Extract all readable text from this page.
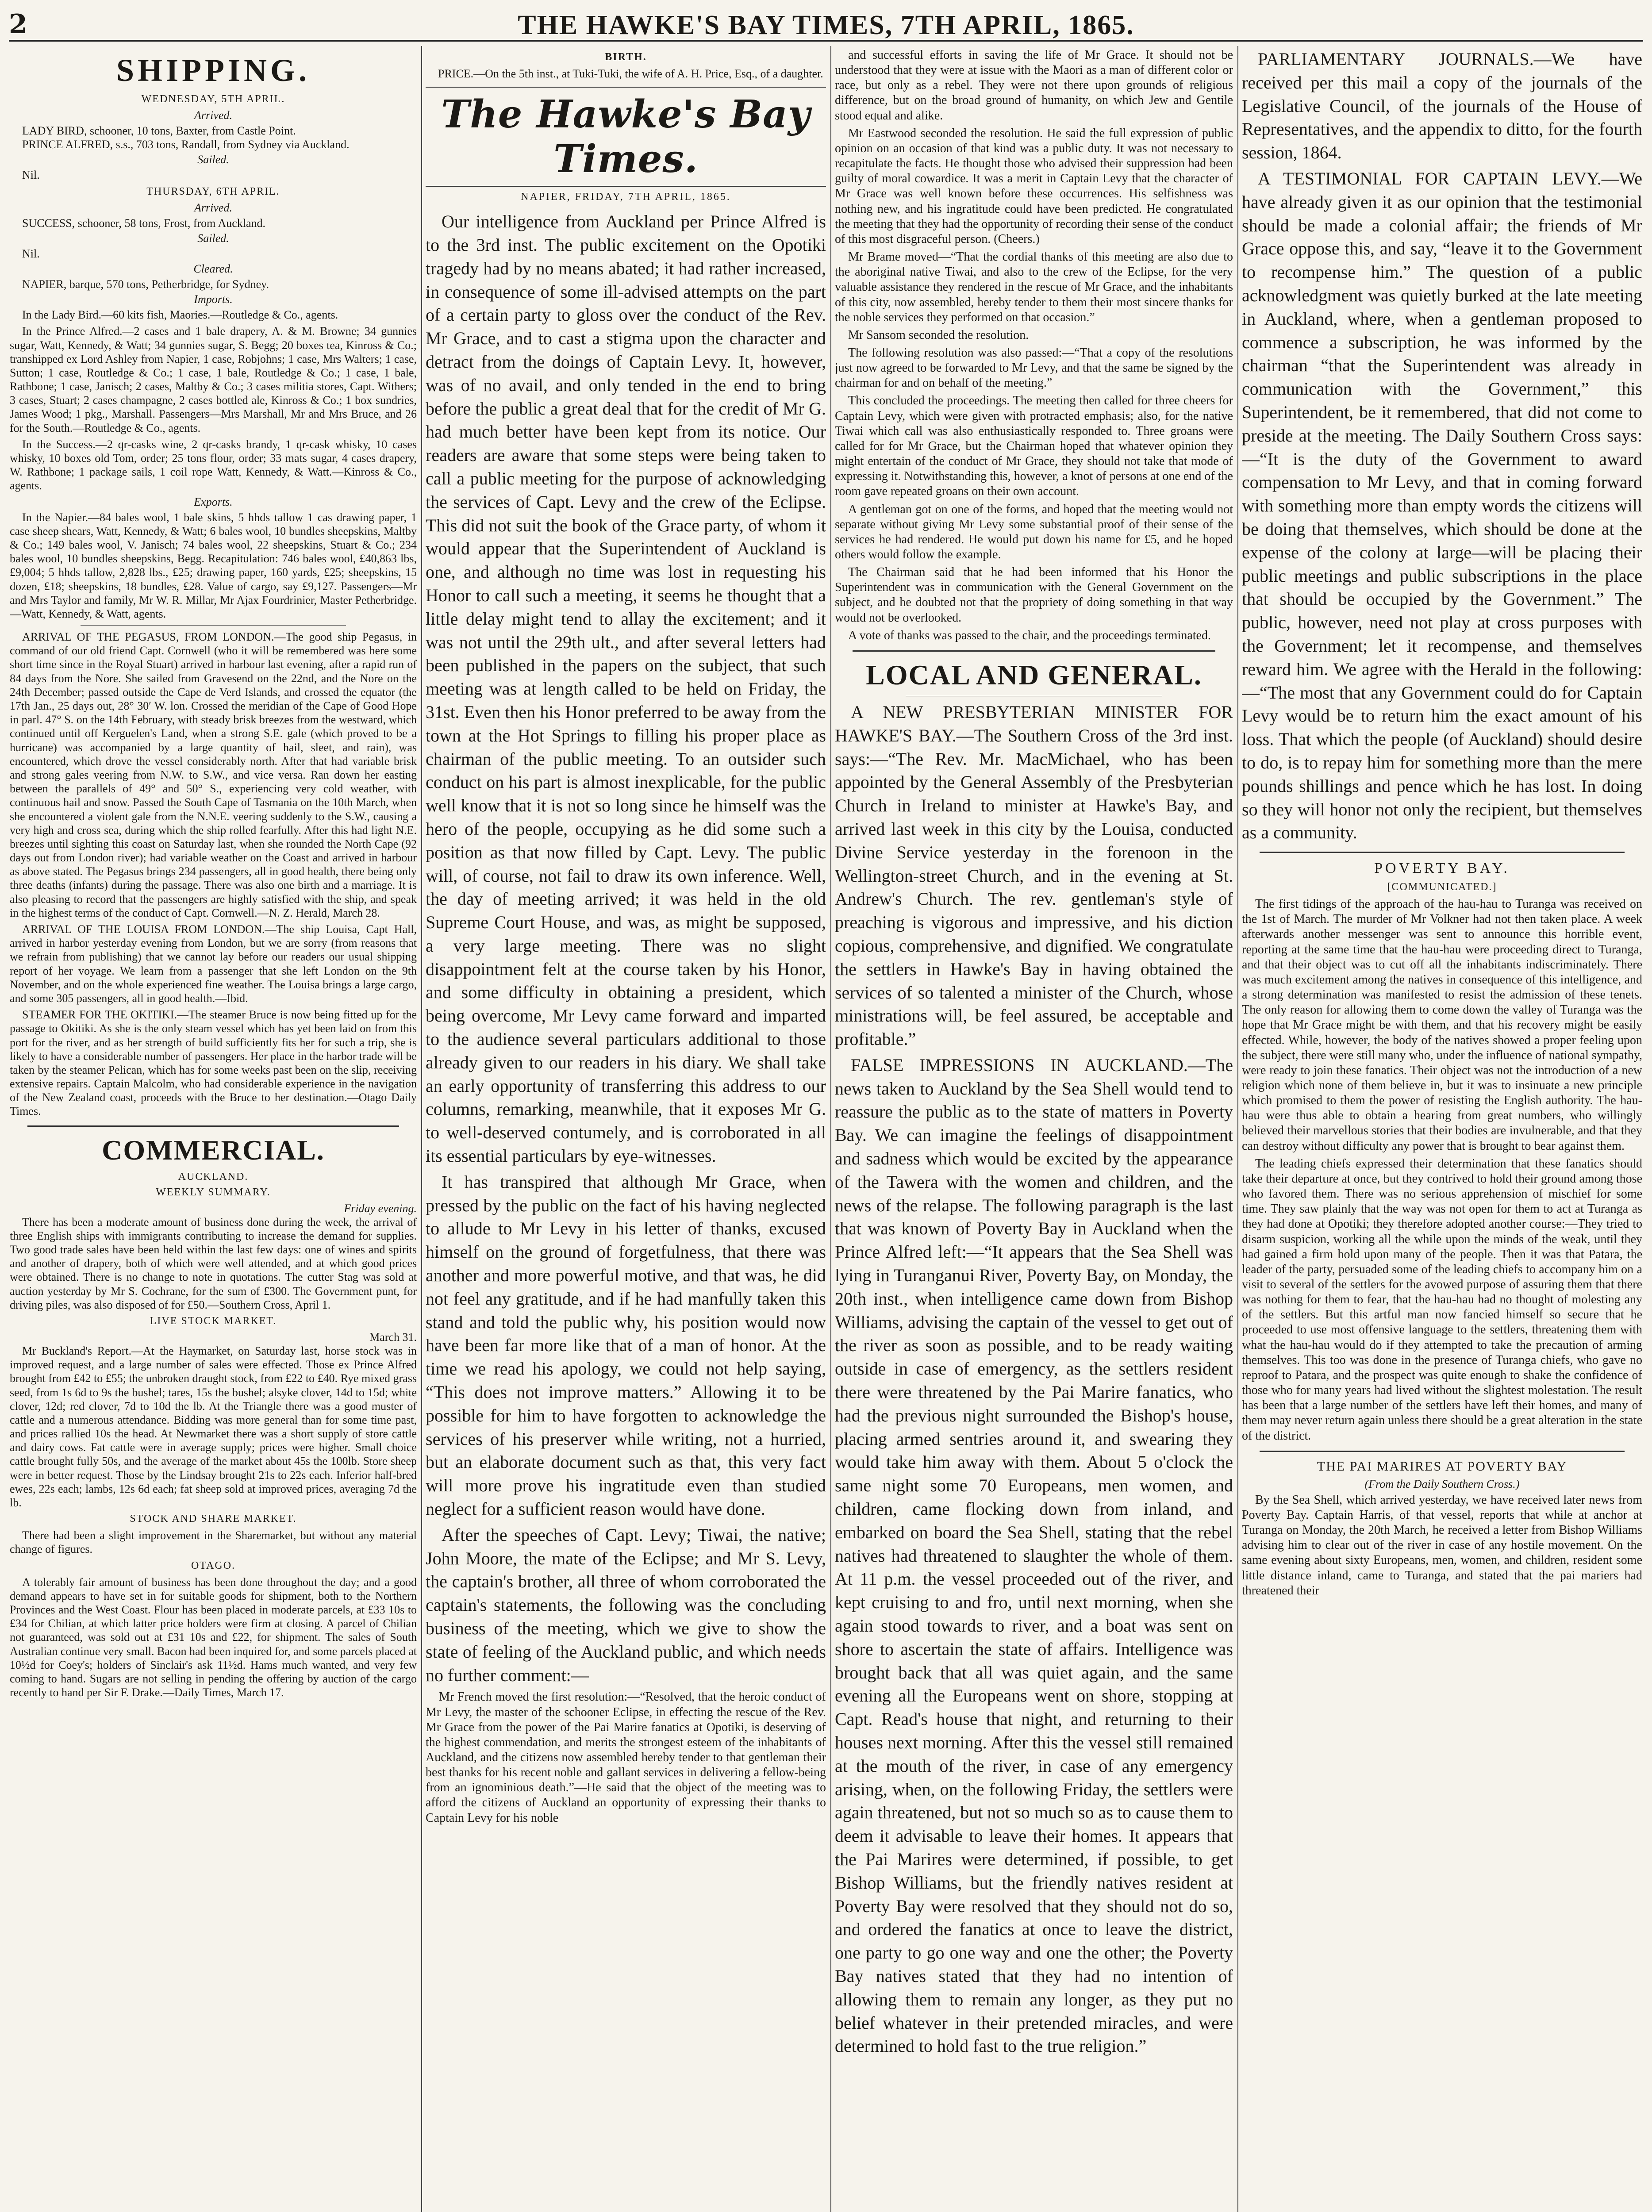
2	THE HAWKE'S BAY TIMES, 7TH APRIL, 1865.
SHIPPING.
WEDNESDAY, 5TH APRIL.
Arrived.

LADY BIRD, schooner, 10 tons, Baxter, from Castle Point.

PRINCE ALFRED, s.s., 703 tons, Randall, from Sydney via Auckland.

Sailed.

Nil.

THURSDAY, 6TH APRIL.
Arrived.

SUCCESS, schooner, 58 tons, Frost, from Auckland.

Sailed.

Nil.

Cleared.

NAPIER, barque, 570 tons, Petherbridge, for Sydney.

Imports.

In the Lady Bird.—60 kits fish, Maories.—Routledge & Co., agents.

In the Prince Alfred.—2 cases and 1 bale drapery, A. & M. Browne; 34 gunnies sugar, Watt, Kennedy, & Watt; 34 gunnies sugar, S. Begg; 20 boxes tea, Kinross & Co.; transhipped ex Lord Ashley from Napier, 1 case, Robjohns; 1 case, Mrs Walters; 1 case, Sutton; 1 case, Routledge & Co.; 1 case, 1 bale, Routledge & Co.; 1 case, 1 bale, Rathbone; 1 case, Janisch; 2 cases, Maltby & Co.; 3 cases militia stores, Capt. Withers; 3 cases, Stuart; 2 cases champagne, 2 cases bottled ale, Kinross & Co.; 1 box sundries, James Wood; 1 pkg., Marshall. Passengers—Mrs Marshall, Mr and Mrs Bruce, and 26 for the South.—Routledge & Co., agents.

In the Success.—2 qr-casks wine, 2 qr-casks brandy, 1 qr-cask whisky, 10 cases whisky, 10 boxes old Tom, order; 25 tons flour, order; 33 mats sugar, 4 cases drapery, W. Rathbone; 1 package sails, 1 coil rope Watt, Kennedy, & Watt.—Kinross & Co., agents.

Exports.

In the Napier.—84 bales wool, 1 bale skins, 5 hhds tallow 1 cas drawing paper, 1 case sheep shears, Watt, Kennedy, & Watt; 6 bales wool, 10 bundles sheepskins, Maltby & Co.; 149 bales wool, V. Janisch; 74 bales wool, 22 sheepskins, Stuart & Co.; 234 bales wool, 10 bundles sheepskins, Begg. Recapitulation: 746 bales wool, £40,863 lbs, £9,004; 5 hhds tallow, 2,828 lbs., £25; drawing paper, 160 yards, £25; sheepskins, 15 dozen, £18; sheepskins, 18 bundles, £28. Value of cargo, say £9,127. Passengers—Mr and Mrs Taylor and family, Mr W. R. Millar, Mr Ajax Fourdrinier, Master Petherbridge.—Watt, Kennedy, & Watt, agents.

ARRIVAL OF THE PEGASUS, FROM LONDON.—The good ship Pegasus, in command of our old friend Capt. Cornwell (who it will be remembered was here some short time since in the Royal Stuart) arrived in harbour last evening, after a rapid run of 84 days from the Nore. She sailed from Gravesend on the 22nd, and the Nore on the 24th December; passed outside the Cape de Verd Islands, and crossed the equator (the 17th Jan., 25 days out, 28° 30′ W. lon. Crossed the meridian of the Cape of Good Hope in parl. 47° S. on the 14th February, with steady brisk breezes from the westward, which continued until off Kerguelen's Land, when a strong S.E. gale (which proved to be a hurricane) was accompanied by a large quantity of hail, sleet, and rain), was encountered, which drove the vessel considerably north. After that had variable brisk and strong gales veering from N.W. to S.W., and vice versa. Ran down her easting between the parallels of 49° and 50° S., experiencing very cold weather, with continuous hail and snow. Passed the South Cape of Tasmania on the 10th March, when she encountered a violent gale from the N.N.E. veering suddenly to the S.W., causing a very high and cross sea, during which the ship rolled fearfully. After this had light N.E. breezes until sighting this coast on Saturday last, when she rounded the North Cape (92 days out from London river); had variable weather on the Coast and arrived in harbour as above stated. The Pegasus brings 234 passengers, all in good health, there being only three deaths (infants) during the passage. There was also one birth and a marriage. It is also pleasing to record that the passengers are highly satisfied with the ship, and speak in the highest terms of the conduct of Capt. Cornwell.—N. Z. Herald, March 28.

ARRIVAL OF THE LOUISA FROM LONDON.—The ship Louisa, Capt Hall, arrived in harbor yesterday evening from London, but we are sorry (from reasons that we refrain from publishing) that we cannot lay before our readers our usual shipping report of her voyage. We learn from a passenger that she left London on the 9th November, and on the whole experienced fine weather. The Louisa brings a large cargo, and some 305 passengers, all in good health.—Ibid.

STEAMER FOR THE OKITIKI.—The steamer Bruce is now being fitted up for the passage to Okitiki. As she is the only steam vessel which has yet been laid on from this port for the river, and as her strength of build sufficiently fits her for such a trip, she is likely to have a considerable number of passengers. Her place in the harbor trade will be taken by the steamer Pelican, which has for some weeks past been on the slip, receiving extensive repairs. Captain Malcolm, who had considerable experience in the navigation of the New Zealand coast, proceeds with the Bruce to her destination.—Otago Daily Times.

COMMERCIAL.
AUCKLAND.
WEEKLY SUMMARY.
Friday evening.

There has been a moderate amount of business done during the week, the arrival of three English ships with immigrants contributing to increase the demand for supplies. Two good trade sales have been held within the last few days: one of wines and spirits and another of drapery, both of which were well attended, and at which good prices were obtained. There is no change to note in quotations. The cutter Stag was sold at auction yesterday by Mr S. Cochrane, for the sum of £300. The Government punt, for driving piles, was also disposed of for £50.—Southern Cross, April 1.

LIVE STOCK MARKET.
March 31.

Mr Buckland's Report.—At the Haymarket, on Saturday last, horse stock was in improved request, and a large number of sales were effected. Those ex Prince Alfred brought from £42 to £55; the unbroken draught stock, from £22 to £40. Rye mixed grass seed, from 1s 6d to 9s the bushel; tares, 15s the bushel; alsyke clover, 14d to 15d; white clover, 12d; red clover, 7d to 10d the lb. At the Triangle there was a good muster of cattle and a numerous attendance. Bidding was more general than for some time past, and prices rallied 10s the head. At Newmarket there was a short supply of store cattle and dairy cows. Fat cattle were in average supply; prices were higher. Small choice cattle brought fully 50s, and the average of the market about 45s the 100lb. Store sheep were in better request. Those by the Lindsay brought 21s to 22s each. Inferior half-bred ewes, 22s each; lambs, 12s 6d each; fat sheep sold at improved prices, averaging 7d the lb.

STOCK AND SHARE MARKET.

There had been a slight improvement in the Sharemarket, but without any material change of figures.

OTAGO.

A tolerably fair amount of business has been done throughout the day; and a good demand appears to have set in for suitable goods for shipment, both to the Northern Provinces and the West Coast. Flour has been placed in moderate parcels, at £33 10s to £34 for Chilian, at which latter price holders were firm at closing. A parcel of Chilian not guaranteed, was sold out at £31 10s and £22, for shipment. The sales of South Australian continue very small. Bacon had been inquired for, and some parcels placed at 10½d for Coey's; holders of Sinclair's ask 11½d. Hams much wanted, and very few coming to hand. Sugars are not selling in pending the offering by auction of the cargo recently to hand per Sir F. Drake.—Daily Times, March 17.

BIRTH.

PRICE.—On the 5th inst., at Tuki-Tuki, the wife of A. H. Price, Esq., of a daughter.

The Hawke's Bay Times.
NAPIER, FRIDAY, 7TH APRIL, 1865.

Our intelligence from Auckland per Prince Alfred is to the 3rd inst. The public excitement on the Opotiki tragedy had by no means abated; it had rather increased, in consequence of some ill-advised attempts on the part of a certain party to gloss over the conduct of the Rev. Mr Grace, and to cast a stigma upon the character and detract from the doings of Captain Levy. It, however, was of no avail, and only tended in the end to bring before the public a great deal that for the credit of Mr G. had much better have been kept from its notice. Our readers are aware that some steps were being taken to call a public meeting for the purpose of acknowledging the services of Capt. Levy and the crew of the Eclipse. This did not suit the book of the Grace party, of whom it would appear that the Superintendent of Auckland is one, and although no time was lost in requesting his Honor to call such a meeting, it seems he thought that a little delay might tend to allay the excitement; and it was not until the 29th ult., and after several letters had been published in the papers on the subject, that such meeting was at length called to be held on Friday, the 31st. Even then his Honor preferred to be away from the town at the Hot Springs to filling his proper place as chairman of the public meeting. To an outsider such conduct on his part is almost inexplicable, for the public well know that it is not so long since he himself was the hero of the people, occupying as he did some such a position as that now filled by Capt. Levy. The public will, of course, not fail to draw its own inference. Well, the day of meeting arrived; it was held in the old Supreme Court House, and was, as might be supposed, a very large meeting. There was no slight disappointment felt at the course taken by his Honor, and some difficulty in obtaining a president, which being overcome, Mr Levy came forward and imparted to the audience several particulars additional to those already given to our readers in his diary. We shall take an early opportunity of transferring this address to our columns, remarking, meanwhile, that it exposes Mr G. to well-deserved contumely, and is corroborated in all its essential particulars by eye-witnesses.

It has transpired that although Mr Grace, when pressed by the public on the fact of his having neglected to allude to Mr Levy in his letter of thanks, excused himself on the ground of forgetfulness, that there was another and more powerful motive, and that was, he did not feel any gratitude, and if he had manfully taken this stand and told the public why, his position would now have been far more like that of a man of honor. At the time we read his apology, we could not help saying, “This does not improve matters.” Allowing it to be possible for him to have forgotten to acknowledge the services of his preserver while writing, not a hurried, but an elaborate document such as that, this very fact will more prove his ingratitude even than studied neglect for a sufficient reason would have done.

After the speeches of Capt. Levy; Tiwai, the native; John Moore, the mate of the Eclipse; and Mr S. Levy, the captain's brother, all three of whom corroborated the captain's statements, the following was the concluding business of the meeting, which we give to show the state of feeling of the Auckland public, and which needs no further comment:—

Mr French moved the first resolution:—“Resolved, that the heroic conduct of Mr Levy, the master of the schooner Eclipse, in effecting the rescue of the Rev. Mr Grace from the power of the Pai Marire fanatics at Opotiki, is deserving of the highest commendation, and merits the strongest esteem of the inhabitants of Auckland, and the citizens now assembled hereby tender to that gentleman their best thanks for his recent noble and gallant services in delivering a fellow-being from an ignominious death.”—He said that the object of the meeting was to afford the citizens of Auckland an opportunity of expressing their thanks to Captain Levy for his noble

and successful efforts in saving the life of Mr Grace. It should not be understood that they were at issue with the Maori as a man of different color or race, but only as a rebel. They were not there upon grounds of religious difference, but on the broad ground of humanity, on which Jew and Gentile stood equal and alike.

Mr Eastwood seconded the resolution. He said the full expression of public opinion on an occasion of that kind was a public duty. It was not necessary to recapitulate the facts. He thought those who advised their suppression had been guilty of moral cowardice. It was a merit in Captain Levy that the character of Mr Grace was well known before these occurrences. His selfishness was nothing new, and his ingratitude could have been predicted. He congratulated the meeting that they had the opportunity of recording their sense of the conduct of this most disgraceful person. (Cheers.)

Mr Brame moved—“That the cordial thanks of this meeting are also due to the aboriginal native Tiwai, and also to the crew of the Eclipse, for the very valuable assistance they rendered in the rescue of Mr Grace, and the inhabitants of this city, now assembled, hereby tender to them their most sincere thanks for the noble services they performed on that occasion.”

Mr Sansom seconded the resolution.

The following resolution was also passed:—“That a copy of the resolutions just now agreed to be forwarded to Mr Levy, and that the same be signed by the chairman for and on behalf of the meeting.”

This concluded the proceedings. The meeting then called for three cheers for Captain Levy, which were given with protracted emphasis; also, for the native Tiwai which call was also enthusiastically responded to. Three groans were called for for Mr Grace, but the Chairman hoped that whatever opinion they might entertain of the conduct of Mr Grace, they should not take that mode of expressing it. Notwithstanding this, however, a knot of persons at one end of the room gave repeated groans on their own account.

A gentleman got on one of the forms, and hoped that the meeting would not separate without giving Mr Levy some substantial proof of their sense of the services he had rendered. He would put down his name for £5, and he hoped others would follow the example.

The Chairman said that he had been informed that his Honor the Superintendent was in communication with the General Government on the subject, and he doubted not that the propriety of doing something in that way would not be overlooked.

A vote of thanks was passed to the chair, and the proceedings terminated.

LOCAL AND GENERAL.

A NEW PRESBYTERIAN MINISTER FOR HAWKE'S BAY.—The Southern Cross of the 3rd inst. says:—“The Rev. Mr. MacMichael, who has been appointed by the General Assembly of the Presbyterian Church in Ireland to minister at Hawke's Bay, and arrived last week in this city by the Louisa, conducted Divine Service yesterday in the forenoon in the Wellington-street Church, and in the evening at St. Andrew's Church. The rev. gentleman's style of preaching is vigorous and impressive, and his diction copious, comprehensive, and dignified. We congratulate the settlers in Hawke's Bay in having obtained the services of so talented a minister of the Church, whose ministrations will, be feel assured, be acceptable and profitable.”

FALSE IMPRESSIONS IN AUCKLAND.—The news taken to Auckland by the Sea Shell would tend to reassure the public as to the state of matters in Poverty Bay. We can imagine the feelings of disappointment and sadness which would be excited by the appearance of the Tawera with the women and children, and the news of the relapse. The following paragraph is the last that was known of Poverty Bay in Auckland when the Prince Alfred left:—“It appears that the Sea Shell was lying in Turanganui River, Poverty Bay, on Monday, the 20th inst., when intelligence came down from Bishop Williams, advising the captain of the vessel to get out of the river as soon as possible, and to be ready waiting outside in case of emergency, as the settlers resident there were threatened by the Pai Marire fanatics, who had the previous night surrounded the Bishop's house, placing armed sentries around it, and swearing they would take him away with them. About 5 o'clock the same night some 70 Europeans, men women, and children, came flocking down from inland, and embarked on board the Sea Shell, stating that the rebel natives had threatened to slaughter the whole of them. At 11 p.m. the vessel proceeded out of the river, and kept cruising to and fro, until next morning, when she again stood towards to river, and a boat was sent on shore to ascertain the state of affairs. Intelligence was brought back that all was quiet again, and the same evening all the Europeans went on shore, stopping at Capt. Read's house that night, and returning to their houses next morning. After this the vessel still remained at the mouth of the river, in case of any emergency arising, when, on the following Friday, the settlers were again threatened, but not so much so as to cause them to deem it advisable to leave their homes. It appears that the Pai Marires were determined, if possible, to get Bishop Williams, but the friendly natives resident at Poverty Bay were resolved that they should not do so, and ordered the fanatics at once to leave the district, one party to go one way and one the other; the Poverty Bay natives stated that they had no intention of allowing them to remain any longer, as they put no belief whatever in their pretended miracles, and were determined to hold fast to the true religion.”

PARLIAMENTARY JOURNALS.—We have received per this mail a copy of the journals of the Legislative Council, of the journals of the House of Representatives, and the appendix to ditto, for the fourth session, 1864.

A TESTIMONIAL FOR CAPTAIN LEVY.—We have already given it as our opinion that the testimonial should be made a colonial affair; the friends of Mr Grace oppose this, and say, “leave it to the Government to recompense him.” The question of a public acknowledgment was quietly burked at the late meeting in Auckland, where, when a gentleman proposed to commence a subscription, he was informed by the chairman “that the Superintendent was already in communication with the Government,” this Superintendent, be it remembered, that did not come to preside at the meeting. The Daily Southern Cross says:—“It is the duty of the Government to award compensation to Mr Levy, and that in coming forward with something more than empty words the citizens will be doing that themselves, which should be done at the expense of the colony at large—will be placing their public meetings and public subscriptions in the place that should be occupied by the Government.” The public, however, need not play at cross purposes with the Government; let it recompense, and themselves reward him. We agree with the Herald in the following:—“The most that any Government could do for Captain Levy would be to return him the exact amount of his loss. That which the people (of Auckland) should desire to do, is to repay him for something more than the mere pounds shillings and pence which he has lost. In doing so they will honor not only the recipient, but themselves as a community.

POVERTY BAY.
[COMMUNICATED.]

The first tidings of the approach of the hau-hau to Turanga was received on the 1st of March. The murder of Mr Volkner had not then taken place. A week afterwards another messenger was sent to announce this horrible event, reporting at the same time that the hau-hau were proceeding direct to Turanga, and that their object was to cut off all the inhabitants indiscriminately. There was much excitement among the natives in consequence of this intelligence, and a strong determination was manifested to resist the admission of these tenets. The only reason for allowing them to come down the valley of Turanga was the hope that Mr Grace might be with them, and that his recovery might be easily effected. While, however, the body of the natives showed a proper feeling upon the subject, there were still many who, under the influence of national sympathy, were ready to join these fanatics. Their object was not the introduction of a new religion which none of them believe in, but it was to insinuate a new principle which promised to them the power of resisting the English authority. The hau-hau were thus able to obtain a hearing from great numbers, who willingly believed their marvellous stories that their bodies are invulnerable, and that they can destroy without difficulty any power that is brought to bear against them.

The leading chiefs expressed their determination that these fanatics should take their departure at once, but they contrived to hold their ground among those who favored them. There was no serious apprehension of mischief for some time. They saw plainly that the way was not open for them to act at Turanga as they had done at Opotiki; they therefore adopted another course:—They tried to disarm suspicion, working all the while upon the minds of the weak, until they had gained a firm hold upon many of the people. Then it was that Patara, the leader of the party, persuaded some of the leading chiefs to accompany him on a visit to several of the settlers for the avowed purpose of assuring them that there was nothing for them to fear, that the hau-hau had no thought of molesting any of the settlers. But this artful man now fancied himself so secure that he proceeded to use most offensive language to the settlers, threatening them with what the hau-hau would do if they attempted to take the precaution of arming themselves. This too was done in the presence of Turanga chiefs, who gave no reproof to Patara, and the prospect was quite enough to shake the confidence of those who for many years had lived without the slightest molestation. The result has been that a large number of the settlers have left their homes, and many of them may never return again unless there should be a great alteration in the state of the district.

THE PAI MARIRES AT POVERTY BAY
(From the Daily Southern Cross.)

By the Sea Shell, which arrived yesterday, we have received later news from Poverty Bay. Captain Harris, of that vessel, reports that while at anchor at Turanga on Monday, the 20th March, he received a letter from Bishop Williams advising him to clear out of the river in case of any hostile movement. On the same evening about sixty Europeans, men, women, and children, resident some little distance inland, came to Turanga, and stated that the pai mariers had threatened their
